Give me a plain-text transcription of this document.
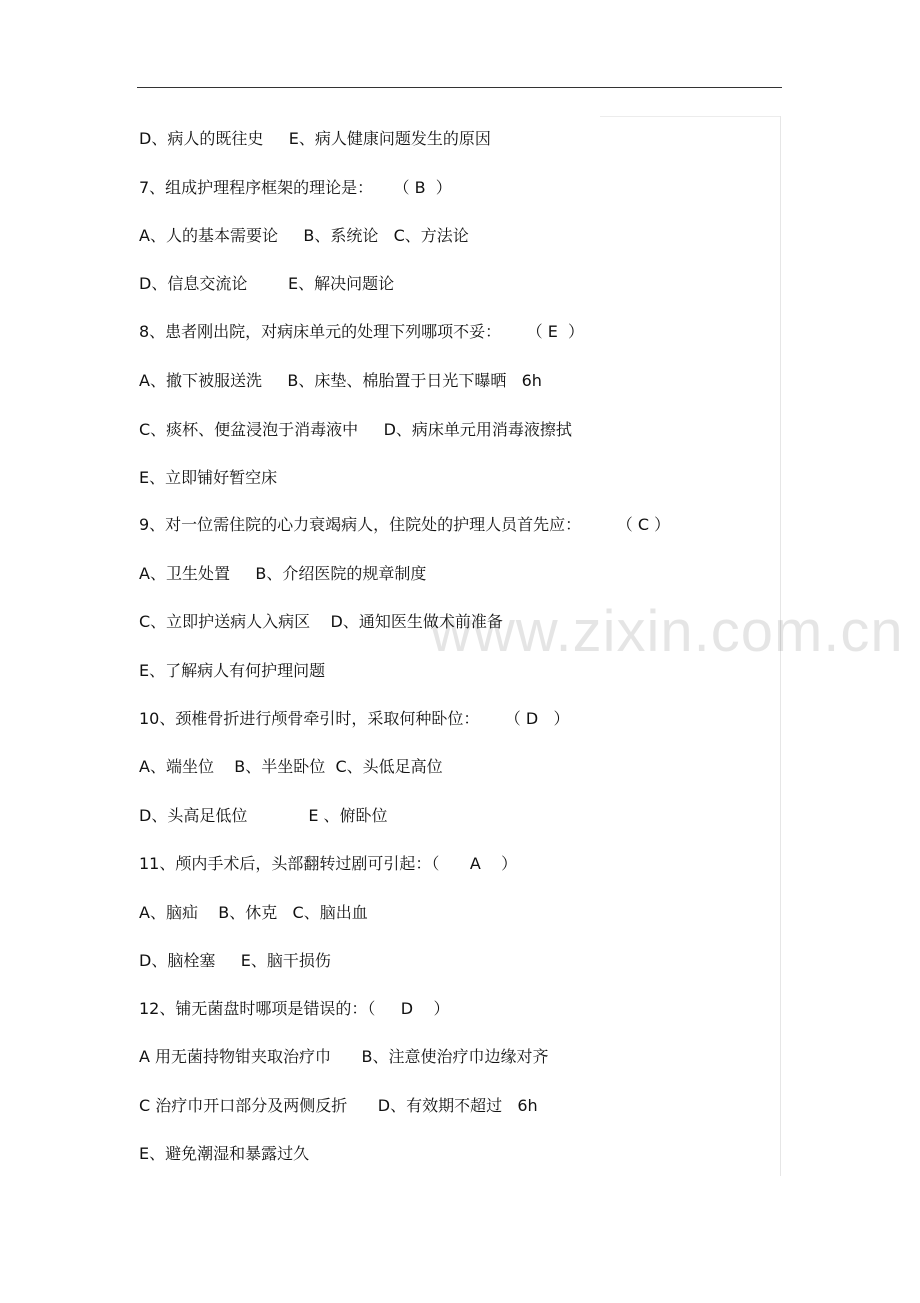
www.zixin.com.cn
D、病人的既往史     E、病人健康问题发生的原因
7、组成护理程序框架的理论是：    （ B  ）
A、人的基本需要论     B、系统论   C、方法论
D、信息交流论        E、解决问题论
8、患者刚出院，对病床单元的处理下列哪项不妥：     （ E  ）
A、撤下被服送洗     B、床垫、棉胎置于日光下曝晒   6h
C、痰杯、便盆浸泡于消毒液中     D、病床单元用消毒液擦拭
E、立即铺好暂空床
9、对一位需住院的心力衰竭病人，住院处的护理人员首先应：       （ C ）
A、卫生处置     B、介绍医院的规章制度
C、立即护送病人入病区    D、通知医生做术前准备
E、了解病人有何护理问题
10、颈椎骨折进行颅骨牵引时，采取何种卧位：     （ D   ）
A、端坐位    B、半坐卧位  C、头低足高位
D、头高足低位            E 、俯卧位
11、颅内手术后，头部翻转过剧可引起：（      A    ）
A、脑疝    B、休克   C、脑出血
D、脑栓塞     E、脑干损伤
12、铺无菌盘时哪项是错误的：（     D    ）
A 用无菌持物钳夹取治疗巾      B、注意使治疗巾边缘对齐
C 治疗巾开口部分及两侧反折      D、有效期不超过   6h
E、避免潮湿和暴露过久
